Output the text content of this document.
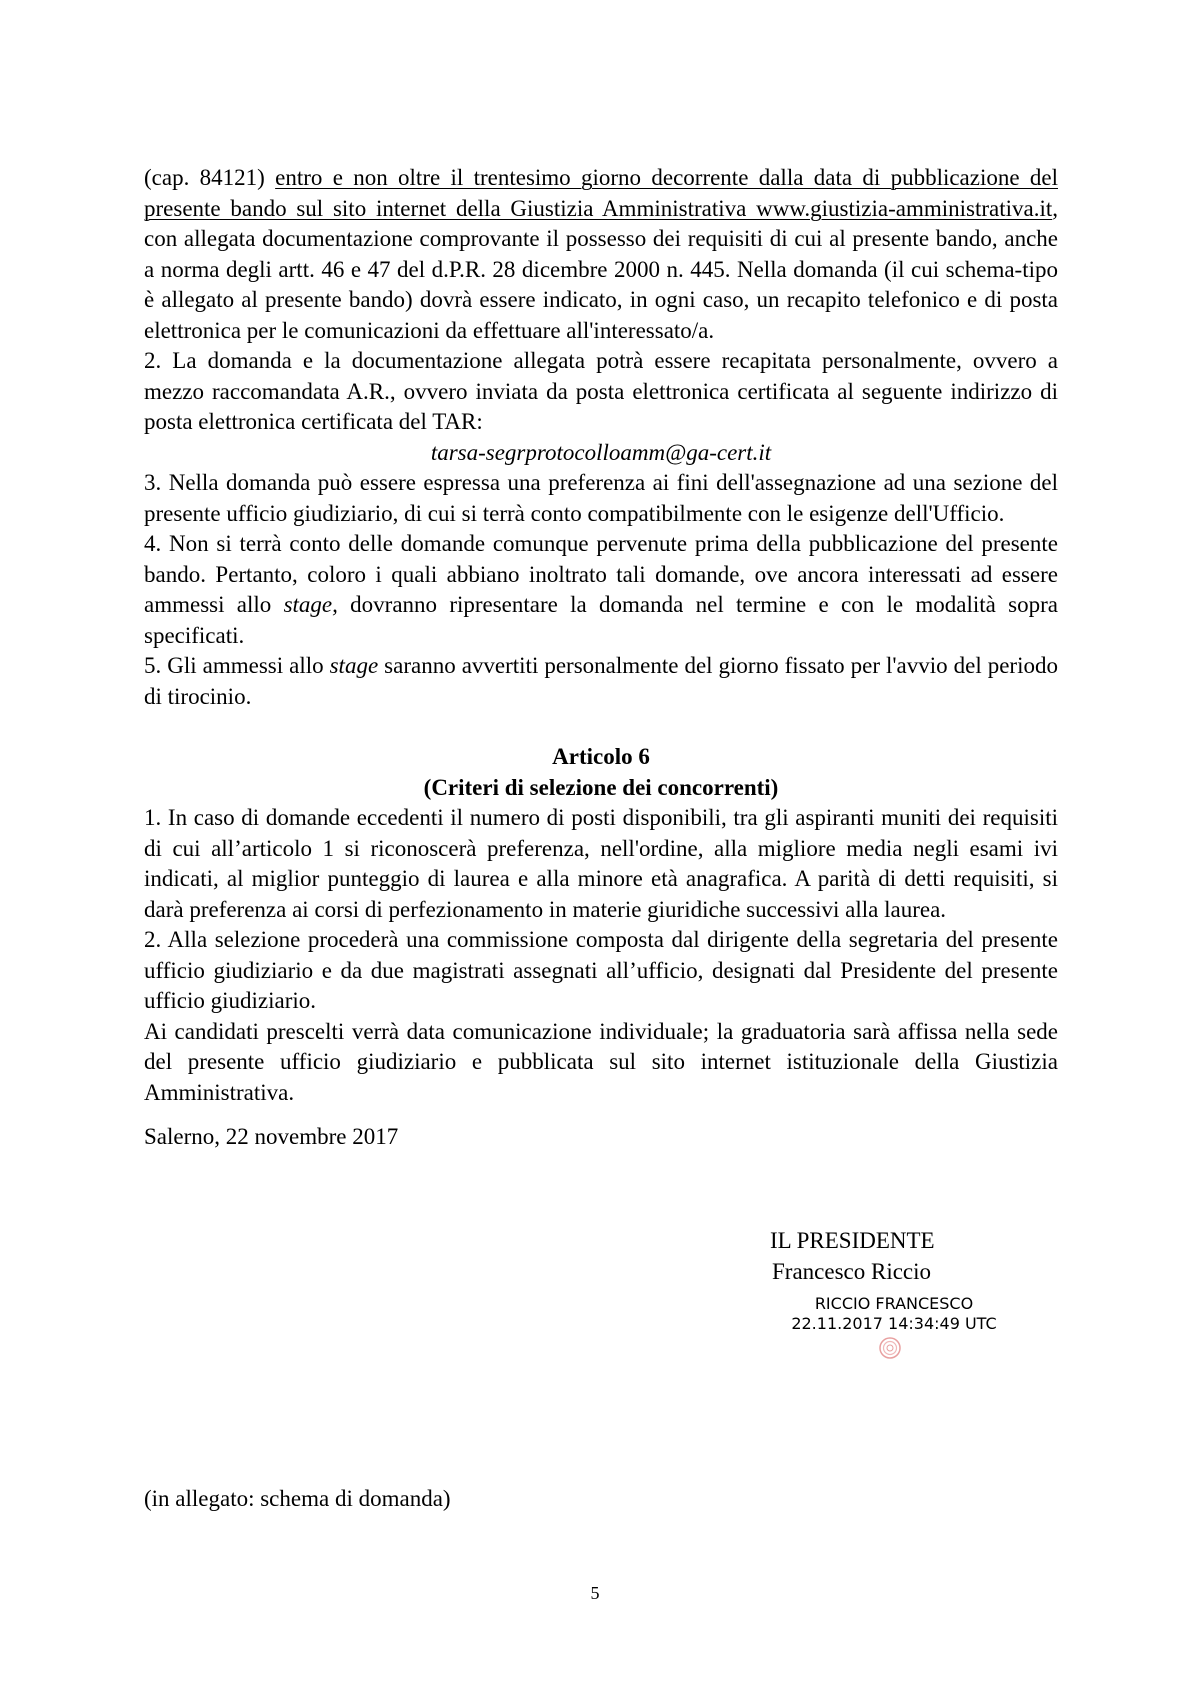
(cap. 84121) entro e non oltre il trentesimo giorno decorrente dalla data di pubblicazione del presente bando sul sito internet della Giustizia Amministrativa www.giustizia-amministrativa.it, con allegata documentazione comprovante il possesso dei requisiti di cui al presente bando, anche a norma degli artt. 46 e 47 del d.P.R. 28 dicembre 2000 n. 445. Nella domanda (il cui schema-tipo è allegato al presente bando) dovrà essere indicato, in ogni caso, un recapito telefonico e di posta elettronica per le comunicazioni da effettuare all'interessato/a.

2. La domanda e la documentazione allegata potrà essere recapitata personalmente, ovvero a mezzo raccomandata A.R., ovvero inviata da posta elettronica certificata al seguente indirizzo di posta elettronica certificata del TAR:

tarsa-segrprotocolloamm@ga-cert.it

3. Nella domanda può essere espressa una preferenza ai fini dell'assegnazione ad una sezione del presente ufficio giudiziario, di cui si terrà conto compatibilmente con le esigenze dell'Ufficio.

4. Non si terrà conto delle domande comunque pervenute prima della pubblicazione del presente bando. Pertanto, coloro i quali abbiano inoltrato tali domande, ove ancora interessati ad essere ammessi allo stage, dovranno ripresentare la domanda nel termine e con le modalità sopra specificati.

5. Gli ammessi allo stage saranno avvertiti personalmente del giorno fissato per l'avvio del periodo di tirocinio.

Articolo 6

(Criteri di selezione dei concorrenti)

1. In caso di domande eccedenti il numero di posti disponibili, tra gli aspiranti muniti dei requisiti di cui all’articolo 1 si riconoscerà preferenza, nell'ordine, alla migliore media negli esami ivi indicati, al miglior punteggio di laurea e alla minore età anagrafica. A parità di detti requisiti, si darà preferenza ai corsi di perfezionamento in materie giuridiche successivi alla laurea.

2. Alla selezione procederà una commissione composta dal dirigente della segretaria del presente ufficio giudiziario e da due magistrati assegnati all’ufficio, designati dal Presidente del presente ufficio giudiziario.

Ai candidati prescelti verrà data comunicazione individuale; la graduatoria sarà affissa nella sede del presente ufficio giudiziario e pubblicata sul sito internet istituzionale della Giustizia Amministrativa.

Salerno, 22 novembre 2017

IL PRESIDENTE
Francesco Riccio
RICCIO FRANCESCO
22.11.2017 14:34:49 UTC
(in allegato: schema di domanda)
5
